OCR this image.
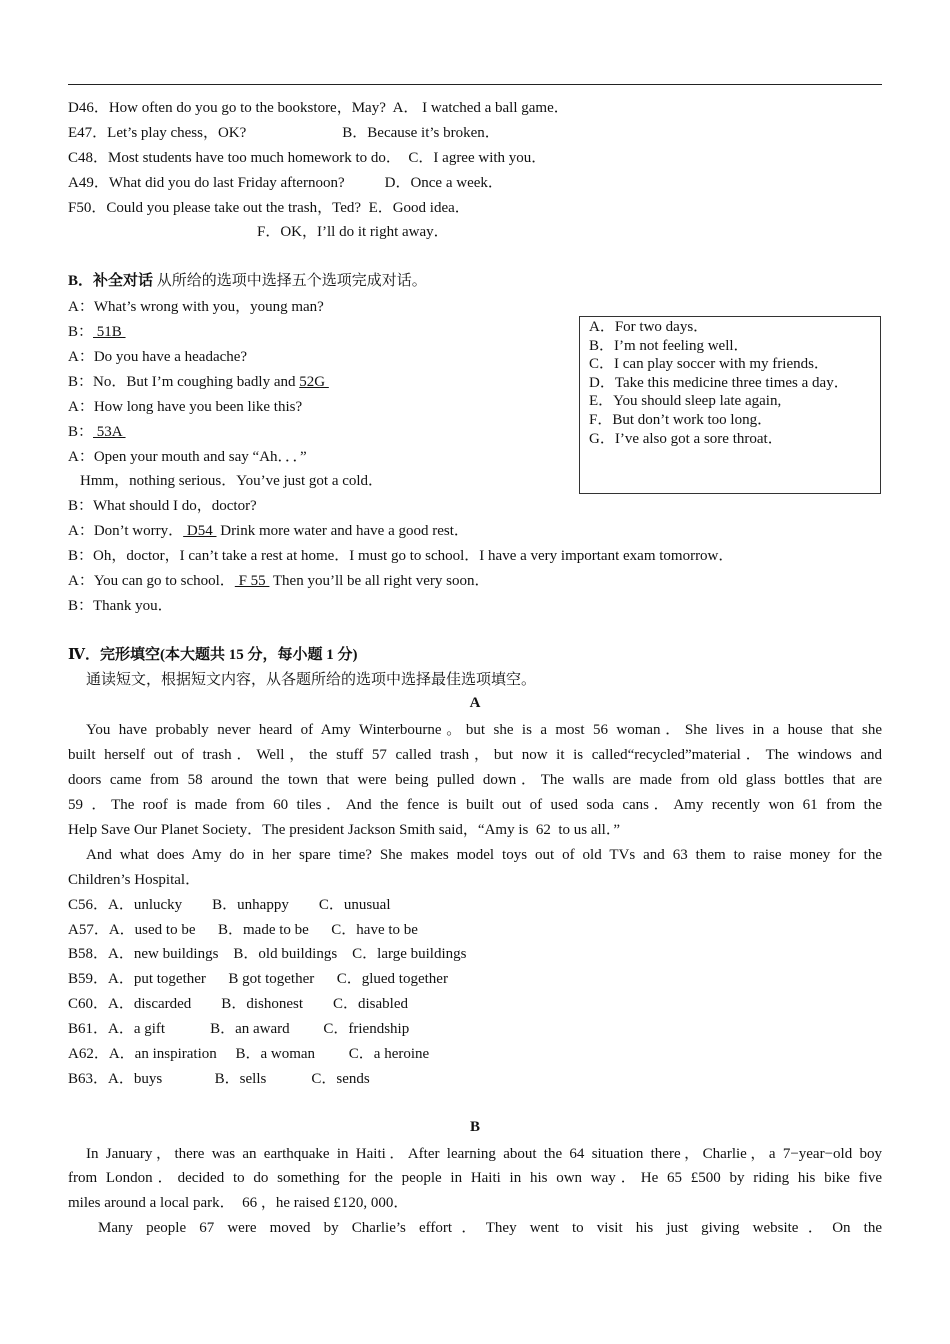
D46．How often do you go to the bookstore，May? A． I watched a ball game．
E47．Let’s play chess，OK?	B．Because it’s broken．
C48．Most students have too much homework to do． C．I agree with you．
A49．What did you do last Friday afternoon?	D．Once a week．
F50．Could you please take out the trash，Ted? E．Good idea．
F．OK，I’ll do it right away．
B．补全对话 从所给的选项中选择五个选项完成对话。
A：What’s wrong with you，young man?
B： 51B
A：Do you have a headache?
B：No．But I’m coughing badly and 52G
A：How long have you been like this?
B： 53A
A：Open your mouth and say “Ah．．．”
Hmm，nothing serious．You’ve just got a cold．
B：What should I do，doctor?
A：Don’t worry． D54  Drink more water and have a good rest．
B：Oh，doctor，I can’t take a rest at home．I must go to school．I have a very important exam tomorrow．
A：You can go to school． F 55  Then you’ll be all right very soon．
B：Thank you．
A．For two days．
B．I’m not feeling well．
C．I can play soccer with my friends．
D．Take this medicine three times a day．
E．You should sleep late again,
F．But don’t work too long．
G．I’ve also got a sore throat．
Ⅳ．完形填空(本大题共 15 分，每小题 1 分)
通读短文，根据短文内容，从各题所给的选项中选择最佳选项填空。
A
You have probably never heard of Amy Winterbourne。but she is a most 56 woman．She lives in a house that she
built herself out of trash．Well，the stuff 57 called trash，but now it is called“recycled”material．The windows and
doors came from 58 around the town that were being pulled down．The walls are made from old glass bottles that are
59 ．The roof is made from 60 tiles．And the fence is built out of used soda cans．Amy recently won 61 from the
Help Save Our Planet Society．The president Jackson Smith said，“Amy is  62  to us all．”
And what does Amy do in her spare time? She makes model toys out of old TVs and 63 them to raise money for the
Children’s Hospital．
C56．A．unlucky        B．unhappy        C．unusual
A57．A．used to be      B．made to be      C．have to be
B58．A．new buildings    B．old buildings    C．large buildings
B59．A．put together      B got together      C．glued together
C60．A．discarded        B．dishonest        C．disabled
B61．A．a gift            B．an award         C．friendship
A62．A．an inspiration     B．a woman         C．a heroine
B63．A．buys              B．sells            C．sends
B
In January，there was an earthquake in Haiti．After learning about the 64 situation there，Charlie，a 7−year−old boy
from London．decided to do something for the people in Haiti in his own way．He 65 £500 by riding his bike five
miles around a local park．  66 ，he raised £120, 000．
Many people 67 were moved by Charlie’s effort．They went to visit his just giving website．On the
